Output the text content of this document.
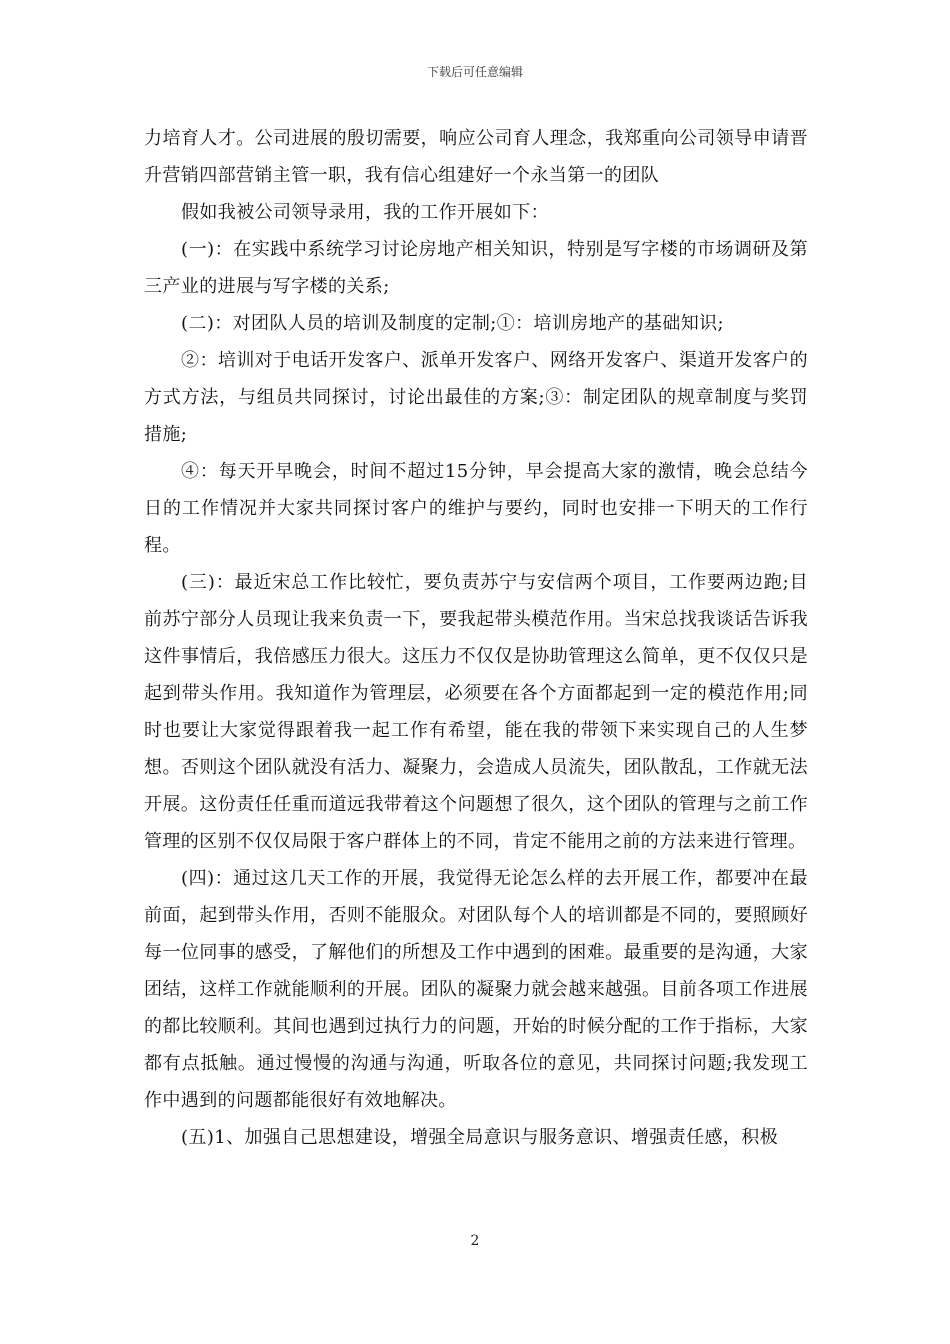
下载后可任意编辑

力培育人才。公司进展的殷切需要，响应公司育人理念，我郑重向公司领导申请晋升营销四部营销主管一职，我有信心组建好一个永当第一的团队

假如我被公司领导录用，我的工作开展如下：

(一)：在实践中系统学习讨论房地产相关知识，特别是写字楼的市场调研及第三产业的进展与写字楼的关系;

(二)：对团队人员的培训及制度的定制;①：培训房地产的基础知识;

②：培训对于电话开发客户、派单开发客户、网络开发客户、渠道开发客户的方式方法，与组员共同探讨，讨论出最佳的方案;③：制定团队的规章制度与奖罚措施;

④：每天开早晚会，时间不超过15分钟，早会提高大家的激情，晚会总结今日的工作情况并大家共同探讨客户的维护与要约，同时也安排一下明天的工作行程。

(三)：最近宋总工作比较忙，要负责苏宁与安信两个项目，工作要两边跑;目前苏宁部分人员现让我来负责一下，要我起带头模范作用。当宋总找我谈话告诉我这件事情后，我倍感压力很大。这压力不仅仅是协助管理这么简单，更不仅仅只是起到带头作用。我知道作为管理层，必须要在各个方面都起到一定的模范作用;同时也要让大家觉得跟着我一起工作有希望，能在我的带领下来实现自己的人生梦想。否则这个团队就没有活力、凝聚力，会造成人员流失，团队散乱，工作就无法开展。这份责任任重而道远我带着这个问题想了很久，这个团队的管理与之前工作管理的区别不仅仅局限于客户群体上的不同，肯定不能用之前的方法来进行管理。

(四)：通过这几天工作的开展，我觉得无论怎么样的去开展工作，都要冲在最前面，起到带头作用，否则不能服众。对团队每个人的培训都是不同的，要照顾好每一位同事的感受，了解他们的所想及工作中遇到的困难。最重要的是沟通，大家团结，这样工作就能顺利的开展。团队的凝聚力就会越来越强。目前各项工作进展的都比较顺利。其间也遇到过执行力的问题，开始的时候分配的工作于指标，大家都有点抵触。通过慢慢的沟通与沟通，听取各位的意见，共同探讨问题;我发现工作中遇到的问题都能很好有效地解决。

(五)1、加强自己思想建设，增强全局意识与服务意识、增强责任感，积极

2
